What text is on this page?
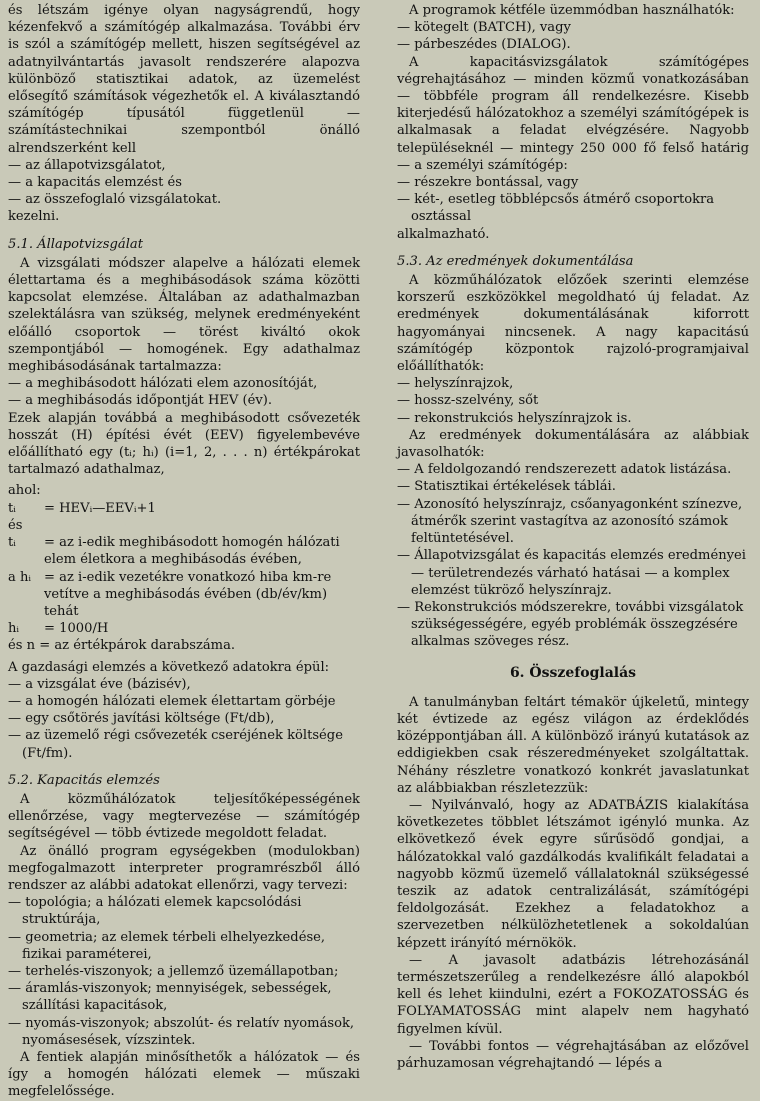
és létszám igénye olyan nagyságrendű, hogy kézenfekvő a számítógép alkalmazása. További érv is szól a számítógép mellett, hiszen segítségével az adatnyilvántartás javasolt rendszerére alapozva különböző statisztikai adatok, az üzemelést elősegítő számítások végezhetők el. A kiválasztandó számítógép típusától függetlenül — számítástechnikai szempontból önálló alrendszerként kell

— az állapotvizsgálatot,
— a kapacitás elemzést és
— az összefoglaló vizsgálatokat.

kezelni.

5.1. Állapotvizsgálat

A vizsgálati módszer alapelve a hálózati elemek élettartama és a meghibásodások száma közötti kapcsolat elemzése. Általában az adathalmazban szelektálásra van szükség, melynek eredményeként előálló csoportok — törést kiváltó okok szempontjából — homogének. Egy adathalmaz meghibásodásának tartalmazza:

— a meghibásodott hálózati elem azonosítóját,
— a meghibásodás időpontját HEV (év).

Ezek alapján továbbá a meghibásodott csővezeték hosszát (H) építési évét (EEV) figyelembevéve előállítható egy (tᵢ; hᵢ) (i=1, 2, . . . n) értékpárokat tartalmazó adathalmaz,

ahol:

tᵢ	= HEVᵢ—EEVᵢ+1

és

tᵢ	= az i-edik meghibásodott homogén hálózati elem életkora a meghibásodás évében,
a hᵢ = az i-edik vezetékre vonatkozó hiba km-re vetítve a meghibásodás évében (db/év/km) tehát
hᵢ	= 1000/H

és n = az értékpárok darabszáma.

A gazdasági elemzés a következő adatokra épül:

— a vizsgálat éve (bázisév),
— a homogén hálózati elemek élettartam görbéje
— egy csőtörés javítási költsége (Ft/db),
— az üzemelő régi csővezeték cseréjének költsége (Ft/fm).
5.2. Kapacitás elemzés

A közműhálózatok teljesítőképességének ellenőrzése, vagy megtervezése — számítógép segítségével — több évtizede megoldott feladat.

Az önálló program egységekben (modulokban) megfogalmazott interpreter programrészből álló rendszer az alábbi adatokat ellenőrzi, vagy tervezi:

— topológia; a hálózati elemek kapcsolódási struktúrája,
— geometria; az elemek térbeli elhelyezkedése, fizikai paraméterei,
— terhelés-viszonyok; a jellemző üzemállapotban;
— áramlás-viszonyok; mennyiségek, sebességek, szállítási kapacitások,
— nyomás-viszonyok; abszolút- és relatív nyomások, nyomásesések, vízszintek.

A fentiek alapján minősíthetők a hálózatok — és így a homogén hálózati elemek — műszaki megfelelőssége.

A programok kétféle üzemmódban használhatók:

— kötegelt (BATCH), vagy
— párbeszédes (DIALOG).

A kapacitásvizsgálatok számítógépes végrehajtásához — minden közmű vonatkozásában — többféle program áll rendelkezésre. Kisebb kiterjedésű hálózatokhoz a személyi számítógépek is alkalmasak a feladat elvégzésére. Nagyobb településeknél — mintegy 250 000 fő felső határig — a személyi számítógép:

— részekre bontással, vagy
— két-, esetleg többlépcsős átmérő csoportokra osztással

alkalmazható.

5.3. Az eredmények dokumentálása

A közműhálózatok előzőek szerinti elemzése korszerű eszközökkel megoldható új feladat. Az eredmények dokumentálásának kiforrott hagyományai nincsenek. A nagy kapacitású számítógép központok rajzoló-programjaival előállíthatók:

— helyszínrajzok,
— hossz-szelvény, sőt
— rekonstrukciós helyszínrajzok is.

Az eredmények dokumentálására az alábbiak javasolhatók:

— A feldolgozandó rendszerezett adatok listázása.
— Statisztikai értékelések táblái.
— Azonosító helyszínrajz, csőanyagonként színezve, átmérők szerint vastagítva az azonosító számok feltüntetésével.
— Állapotvizsgálat és kapacitás elemzés eredményei — területrendezés várható hatásai — a komplex elemzést tükröző helyszínrajz.
— Rekonstrukciós módszerekre, további vizsgálatok szükségességére, egyéb problémák összegzésére alkalmas szöveges rész.
6. Összefoglalás

A tanulmányban feltárt témakör újkeletű, mintegy két évtizede az egész világon az érdeklődés középpontjában áll. A különböző irányú kutatások az eddigiekben csak részeredményeket szolgáltattak. Néhány részletre vonatkozó konkrét javaslatunkat az alábbiakban részletezzük:

— Nyilvánvaló, hogy az ADATBÁZIS kialakítása következetes többlet létszámot igényló munka. Az elkövetkező évek egyre sűrűsödő gondjai, a hálózatokkal való gazdálkodás kvalifikált feladatai a nagyobb közmű üzemelő vállalatoknál szükségessé teszik az adatok centralizálását, számítógépi feldolgozását. Ezekhez a feladatokhoz a szervezetben nélkülözhetetlenek a sokoldalúan képzett irányító mérnökök.
— A javasolt adatbázis létrehozásánál természetszerűleg a rendelkezésre álló alapokból kell és lehet kiindulni, ezért a FOKOZATOSSÁG és FOLYAMATOSSÁG mint alapelv nem hagyható figyelmen kívül.
— További fontos — végrehajtásában az előzővel párhuzamosan végrehajtandó — lépés a
